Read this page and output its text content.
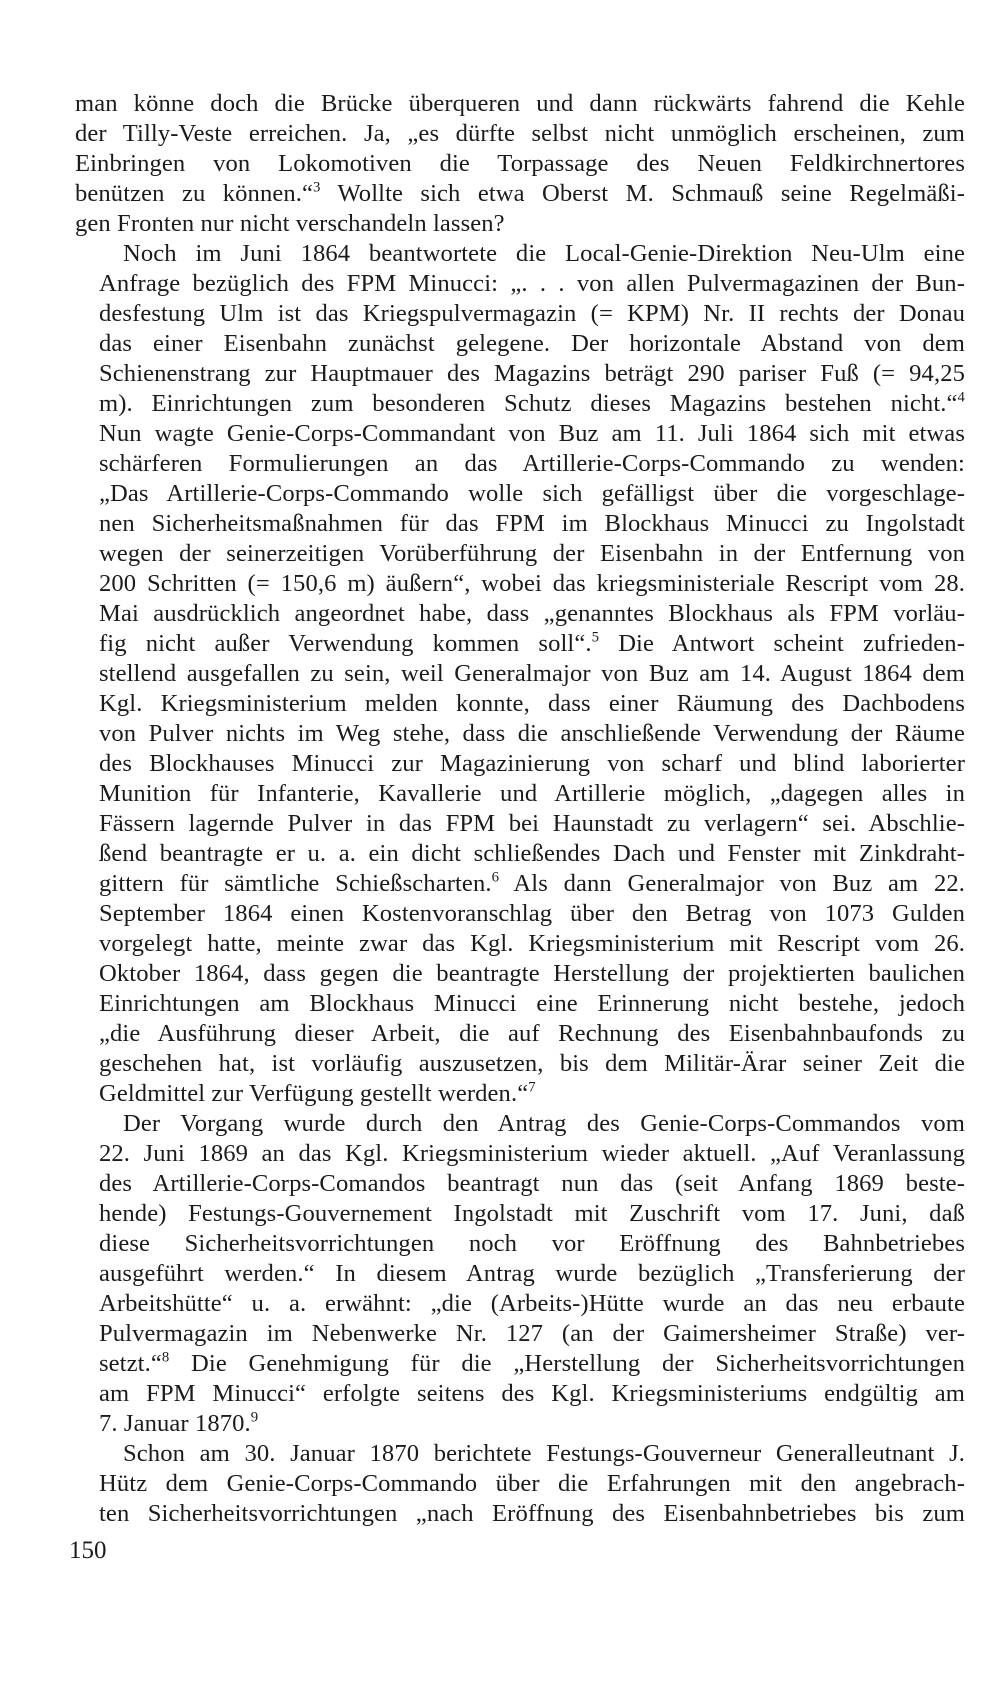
man könne doch die Brücke überqueren und dann rückwärts fahrend die Kehle
der Tilly-Veste erreichen. Ja, „es dürfte selbst nicht unmöglich erscheinen, zum
Einbringen von Lokomotiven die Torpassage des Neuen Feldkirchnertores
benützen zu können.“$^3$ Wollte sich etwa Oberst M. Schmauß seine Regelmäßi-
gen Fronten nur nicht verschandeln lassen?
Noch im Juni 1864 beantwortete die Local-Genie-Direktion Neu-Ulm eine
Anfrage bezüglich des FPM Minucci: „. . . von allen Pulvermagazinen der Bun-
desfestung Ulm ist das Kriegspulvermagazin (= KPM) Nr. II rechts der Donau
das einer Eisenbahn zunächst gelegene. Der horizontale Abstand von dem
Schienenstrang zur Hauptmauer des Magazins beträgt 290 pariser Fuß (= 94,25
m). Einrichtungen zum besonderen Schutz dieses Magazins bestehen nicht.“$^4$
Nun wagte Genie-Corps-Commandant von Buz am 11. Juli 1864 sich mit etwas
schärferen Formulierungen an das Artillerie-Corps-Commando zu wenden:
„Das Artillerie-Corps-Commando wolle sich gefälligst über die vorgeschlage-
nen Sicherheitsmaßnahmen für das FPM im Blockhaus Minucci zu Ingolstadt
wegen der seinerzeitigen Vorüberführung der Eisenbahn in der Entfernung von
200 Schritten (= 150,6 m) äußern“, wobei das kriegsministeriale Rescript vom 28.
Mai ausdrücklich angeordnet habe, dass „genanntes Blockhaus als FPM vorläu-
fig nicht außer Verwendung kommen soll“.$^5$ Die Antwort scheint zufrieden-
stellend ausgefallen zu sein, weil Generalmajor von Buz am 14. August 1864 dem
Kgl. Kriegsministerium melden konnte, dass einer Räumung des Dachbodens
von Pulver nichts im Weg stehe, dass die anschließende Verwendung der Räume
des Blockhauses Minucci zur Magazinierung von scharf und blind laborierter
Munition für Infanterie, Kavallerie und Artillerie möglich, „dagegen alles in
Fässern lagernde Pulver in das FPM bei Haunstadt zu verlagern“ sei. Abschlie-
ßend beantragte er u. a. ein dicht schließendes Dach und Fenster mit Zinkdraht-
gittern für sämtliche Schießscharten.$^6$ Als dann Generalmajor von Buz am 22.
September 1864 einen Kostenvoranschlag über den Betrag von 1073 Gulden
vorgelegt hatte, meinte zwar das Kgl. Kriegsministerium mit Rescript vom 26.
Oktober 1864, dass gegen die beantragte Herstellung der projektierten baulichen
Einrichtungen am Blockhaus Minucci eine Erinnerung nicht bestehe, jedoch
„die Ausführung dieser Arbeit, die auf Rechnung des Eisenbahnbaufonds zu
geschehen hat, ist vorläufig auszusetzen, bis dem Militär-Ärar seiner Zeit die
Geldmittel zur Verfügung gestellt werden.“$^7$
Der Vorgang wurde durch den Antrag des Genie-Corps-Commandos vom
22. Juni 1869 an das Kgl. Kriegsministerium wieder aktuell. „Auf Veranlassung
des Artillerie-Corps-Comandos beantragt nun das (seit Anfang 1869 beste-
hende) Festungs-Gouvernement Ingolstadt mit Zuschrift vom 17. Juni, daß
diese Sicherheitsvorrichtungen noch vor Eröffnung des Bahnbetriebes
ausgeführt werden.“ In diesem Antrag wurde bezüglich „Transferierung der
Arbeitshütte“ u. a. erwähnt: „die (Arbeits-)Hütte wurde an das neu erbaute
Pulvermagazin im Nebenwerke Nr. 127 (an der Gaimersheimer Straße) ver-
setzt.“$^8$ Die Genehmigung für die „Herstellung der Sicherheitsvorrichtungen
am FPM Minucci“ erfolgte seitens des Kgl. Kriegsministeriums endgültig am
7. Januar 1870.$^9$
Schon am 30. Januar 1870 berichtete Festungs-Gouverneur Generalleutnant J.
Hütz dem Genie-Corps-Commando über die Erfahrungen mit den angebrach-
ten Sicherheitsvorrichtungen „nach Eröffnung des Eisenbahnbetriebes bis zum
150
